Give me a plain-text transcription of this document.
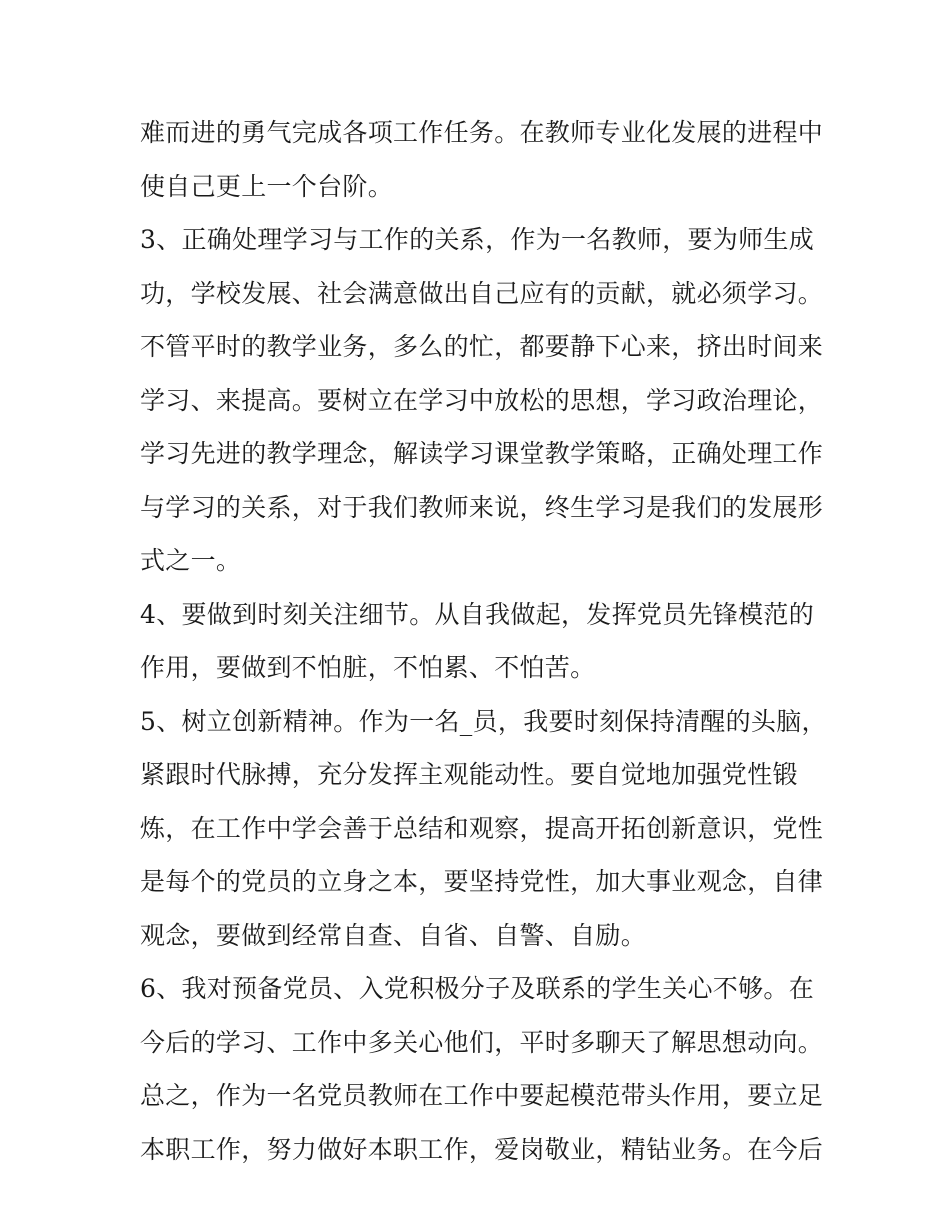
难而进的勇气完成各项工作任务。在教师专业化发展的进程中
使自己更上一个台阶。
3、正确处理学习与工作的关系，作为一名教师，要为师生成
功，学校发展、社会满意做出自己应有的贡献，就必须学习。
不管平时的教学业务，多么的忙，都要静下心来，挤出时间来
学习、来提高。要树立在学习中放松的思想，学习政治理论，
学习先进的教学理念，解读学习课堂教学策略，正确处理工作
与学习的关系，对于我们教师来说，终生学习是我们的发展形
式之一。
4、要做到时刻关注细节。从自我做起，发挥党员先锋模范的
作用，要做到不怕脏，不怕累、不怕苦。
5、树立创新精神。作为一名_员，我要时刻保持清醒的头脑，
紧跟时代脉搏，充分发挥主观能动性。要自觉地加强党性锻
炼，在工作中学会善于总结和观察，提高开拓创新意识，党性
是每个的党员的立身之本，要坚持党性，加大事业观念，自律
观念，要做到经常自查、自省、自警、自励。
6、我对预备党员、入党积极分子及联系的学生关心不够。在
今后的学习、工作中多关心他们，平时多聊天了解思想动向。
总之，作为一名党员教师在工作中要起模范带头作用，要立足
本职工作，努力做好本职工作，爱岗敬业，精钻业务。在今后
